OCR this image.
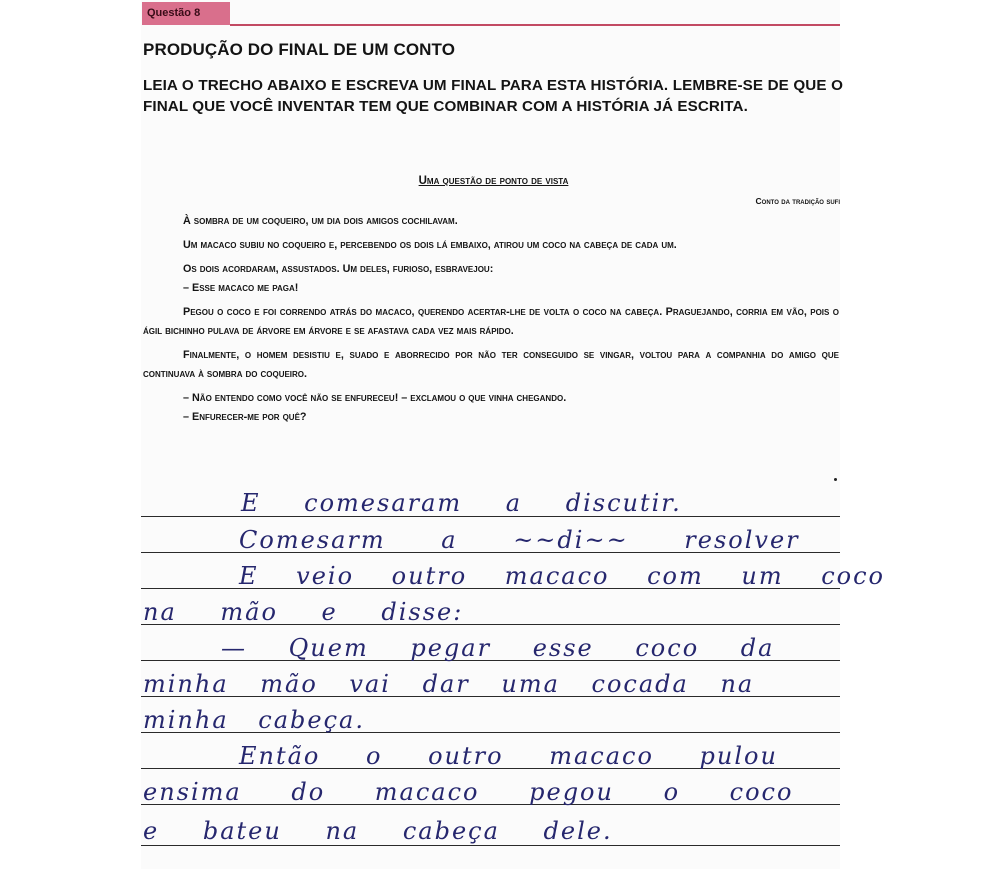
Questão 8
PRODUÇÃO DO FINAL DE UM CONTO
LEIA O TRECHO ABAIXO E ESCREVA UM FINAL PARA ESTA HISTÓRIA. LEMBRE-SE DE QUE O FINAL QUE VOCÊ INVENTAR TEM QUE COMBINAR COM A HISTÓRIA JÁ ESCRITA.
Uma questão de ponto de vista
Conto da tradição sufi

À sombra de um coqueiro, um dia dois amigos cochilavam.

Um macaco subiu no coqueiro e, percebendo os dois lá embaixo, atirou um coco na cabeça de cada um.

Os dois acordaram, assustados. Um deles, furioso, esbravejou:

– Esse macaco me paga!

Pegou o coco e foi correndo atrás do macaco, querendo acertar-lhe de volta o coco na cabeça. Praguejando, corria em vão, pois o ágil bichinho pulava de árvore em árvore e se afastava cada vez mais rápido.

Finalmente, o homem desistiu e, suado e aborrecido por não ter conseguido se vingar, voltou para a companhia do amigo que continuava à sombra do coqueiro.

– Não entendo como você não se enfureceu! – exclamou o que vinha chegando.

– Enfurecer-me por quê?

E comesaram a discutir.
Comesarm a ~~di~~ resolver
E veio outro macaco com um coco
na mão e disse:
— Quem pegar esse coco da
minha mão vai dar uma cocada na
minha cabeça.
Então o outro macaco pulou
ensima do macaco pegou o coco
e bateu na cabeça dele.
